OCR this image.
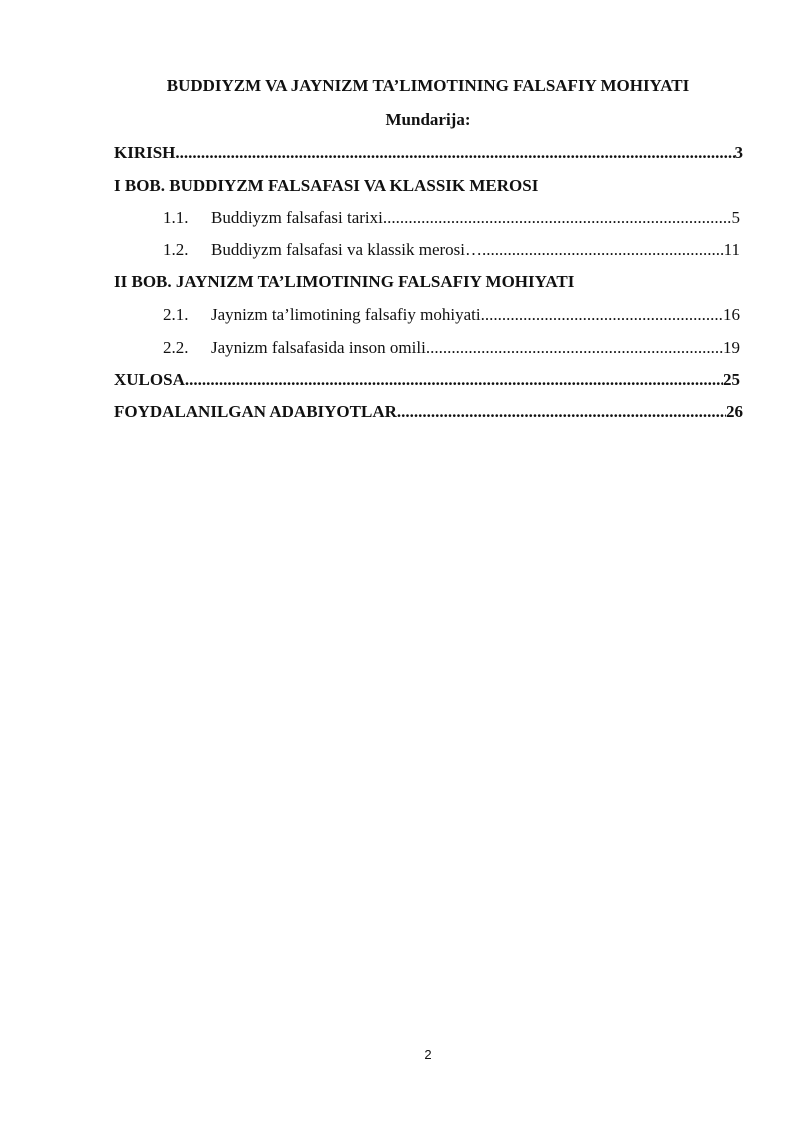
BUDDIYZM VA JAYNIZM TA’LIMOTINING FALSAFIY MOHIYATI
Mundarija:
KIRISH .....	3
I BOB. BUDDIYZM FALSAFASI VA KLASSIK MEROSI
1.1.	Buddiyzm falsafasi tarixi .....	5
1.2.	Buddiyzm falsafasi va klassik merosi… .....	11
II BOB. JAYNIZM TA’LIMOTINING FALSAFIY MOHIYATI
2.1.	Jaynizm ta’limotining falsafiy mohiyati .....	16
2.2.	Jaynizm falsafasida inson omili .....	19
XULOSA .....	25
FOYDALANILGAN ADABIYOTLAR .....	26
2
